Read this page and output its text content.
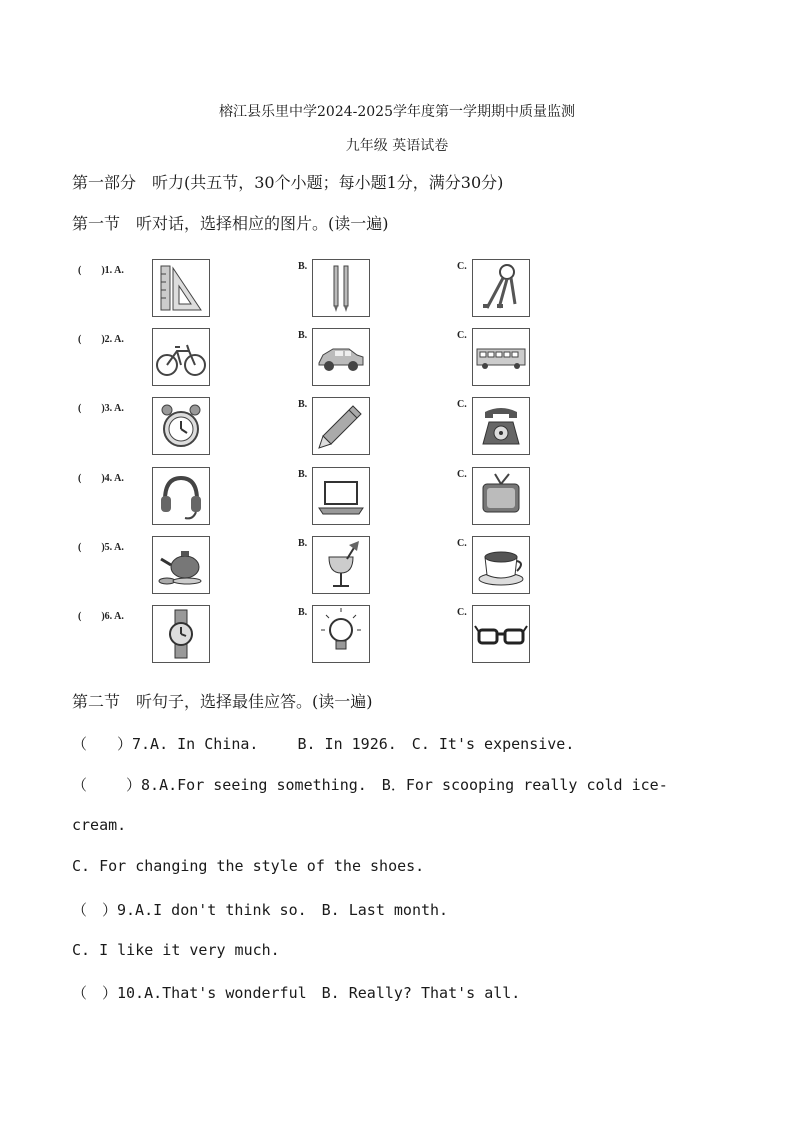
榕江县乐里中学2024-2025学年度第一学期期中质量监测
九年级 英语试卷
第一部分　听力(共五节，30个小题；每小题1分，满分30分)
第一节　听对话，选择相应的图片。(读一遍)
(　　)1. A.	B.	C.
(　　)2. A.	B.	C.
(　　)3. A.	B.	C.
(　　)4. A.	B.	C.
(　　)5. A.	B.	C.
(　　)6. A.	B.	C.
第二节　听句子，选择最佳应答。(读一遍)
（　　）7.A. In China.　　 B. In 1926.　C. It's expensive.
（　　 ）8.A.For seeing something.　B．For scooping really cold ice-
cream.
C. For changing the style of the shoes.
（　）9.A.I don't think so.　B. Last month.
C. I like it very much.
（　）10.A.That's wonderful　B. Really? That's all.
